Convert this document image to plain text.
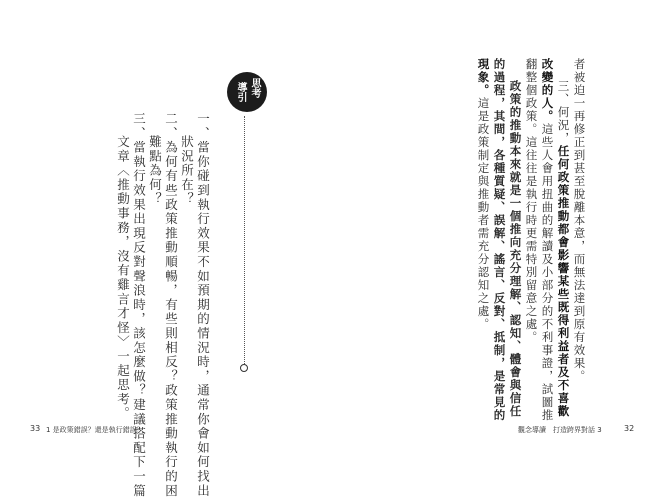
思考
導引
一、當你碰到執行效果不如預期的情況時，通常你會如何找出
狀況所在？
二、為何有些政策推動順暢，有些則相反？政策推動執行的困
難點為何？
三、當執行效果出現反對聲浪時，該怎麼做？建議搭配下一篇
文章〈推動事務，沒有雞言才怪〉一起思考。
33 1 是政策錯誤？還是執行錯誤？
者被迫一再修正到甚至脫離本意，而無法達到原有效果。
三、何況，任何政策推動都會影響某些既得利益者及不喜歡
改變的人。這些人會用扭曲的解讀及小部分的不利事證，試圖推
翻整個政策。這往往是執行時更需特別留意之處。
政策的推動本來就是一個推向充分理解、認知、體會與信任
的過程，其間，各種質疑、誤解、謠言、反對、抵制，是常見的
現象。這是政策制定與推動者需充分認知之處。
觀念導讀　打造跨界對話 3	32
